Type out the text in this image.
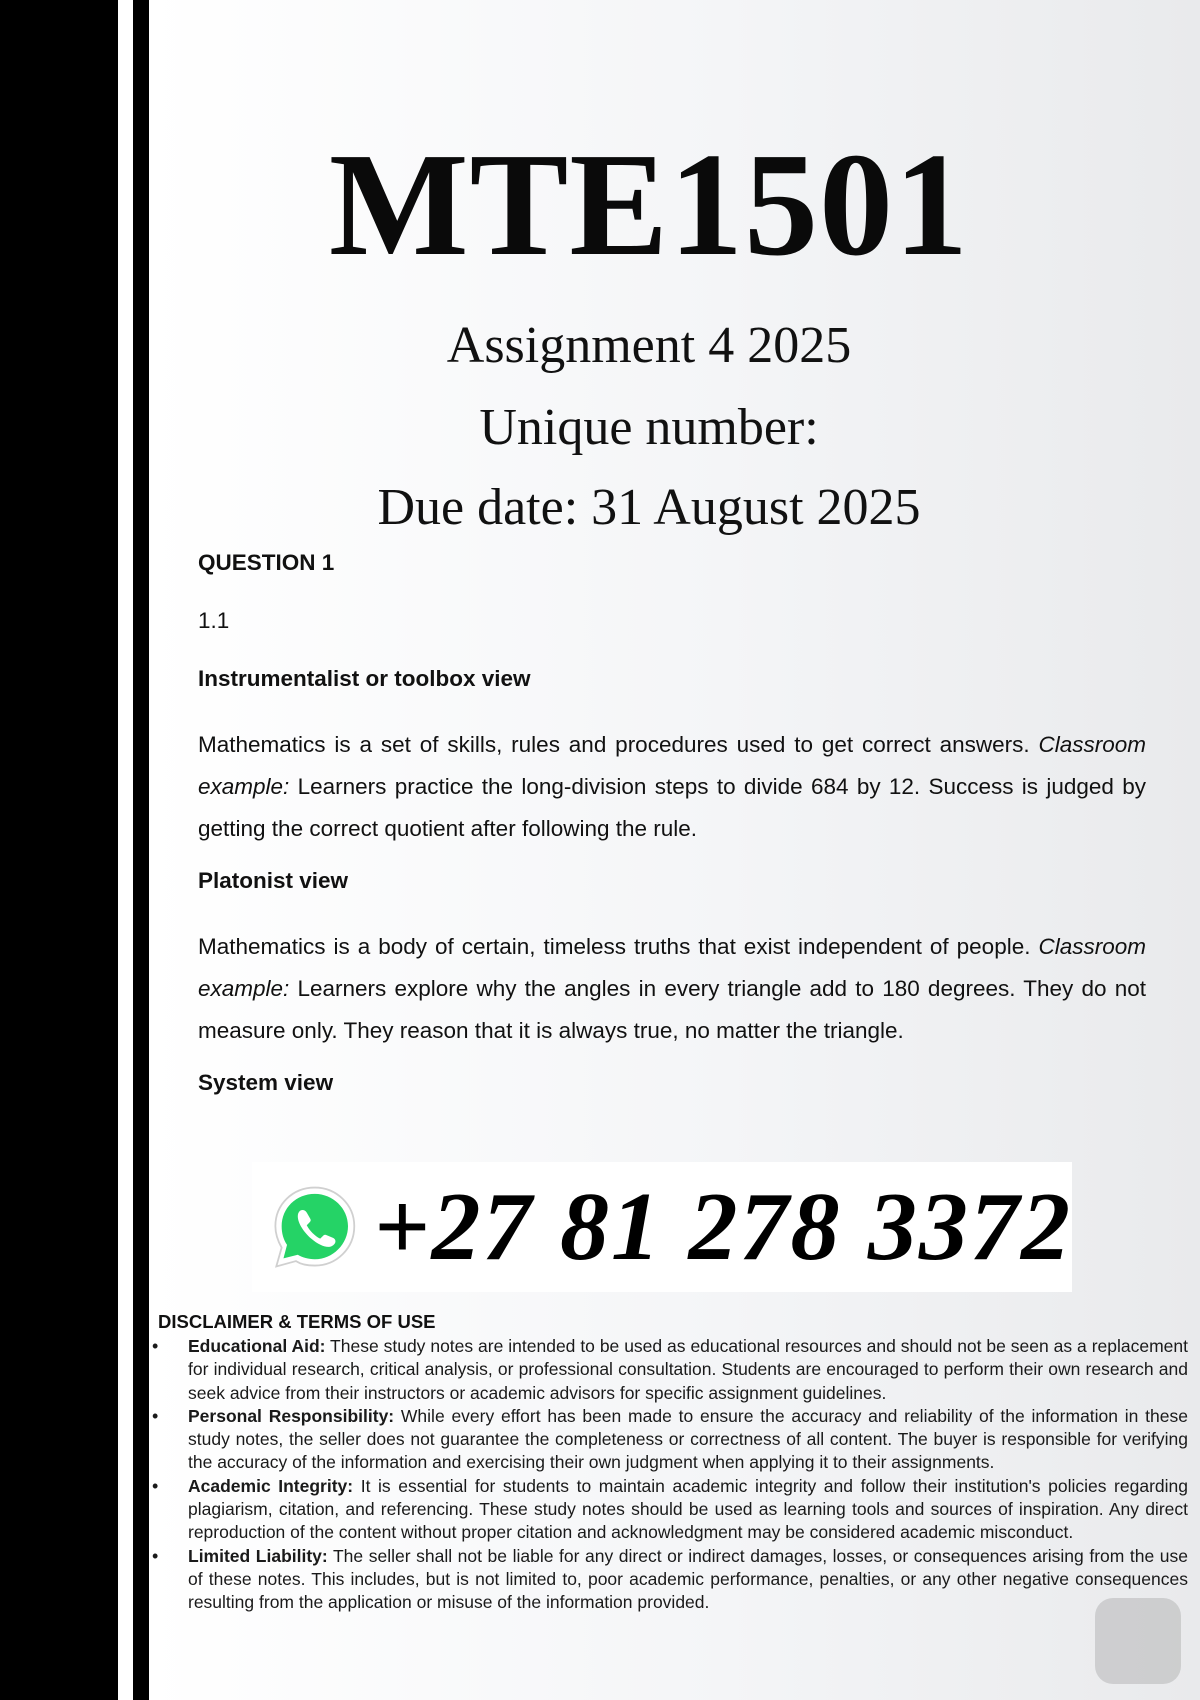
MTE1501
Assignment 4 2025
Unique number:
Due date: 31 August 2025

QUESTION 1

1.1

Instrumentalist or toolbox view

Mathematics is a set of skills, rules and procedures used to get correct answers. Classroom example: Learners practice the long-division steps to divide 684 by 12. Success is judged by getting the correct quotient after following the rule.

Platonist view

Mathematics is a body of certain, timeless truths that exist independent of people. Classroom example: Learners explore why the angles in every triangle add to 180 degrees. They do not measure only. They reason that it is always true, no matter the triangle.

System view

+27 81 278 3372

DISCLAIMER & TERMS OF USE

• Educational Aid: These study notes are intended to be used as educational resources and should not be seen as a replacement for individual research, critical analysis, or professional consultation. Students are encouraged to perform their own research and seek advice from their instructors or academic advisors for specific assignment guidelines.
• Personal Responsibility: While every effort has been made to ensure the accuracy and reliability of the information in these study notes, the seller does not guarantee the completeness or correctness of all content. The buyer is responsible for verifying the accuracy of the information and exercising their own judgment when applying it to their assignments.
• Academic Integrity: It is essential for students to maintain academic integrity and follow their institution's policies regarding plagiarism, citation, and referencing. These study notes should be used as learning tools and sources of inspiration. Any direct reproduction of the content without proper citation and acknowledgment may be considered academic misconduct.
• Limited Liability: The seller shall not be liable for any direct or indirect damages, losses, or consequences arising from the use of these notes. This includes, but is not limited to, poor academic performance, penalties, or any other negative consequences resulting from the application or misuse of the information provided.
